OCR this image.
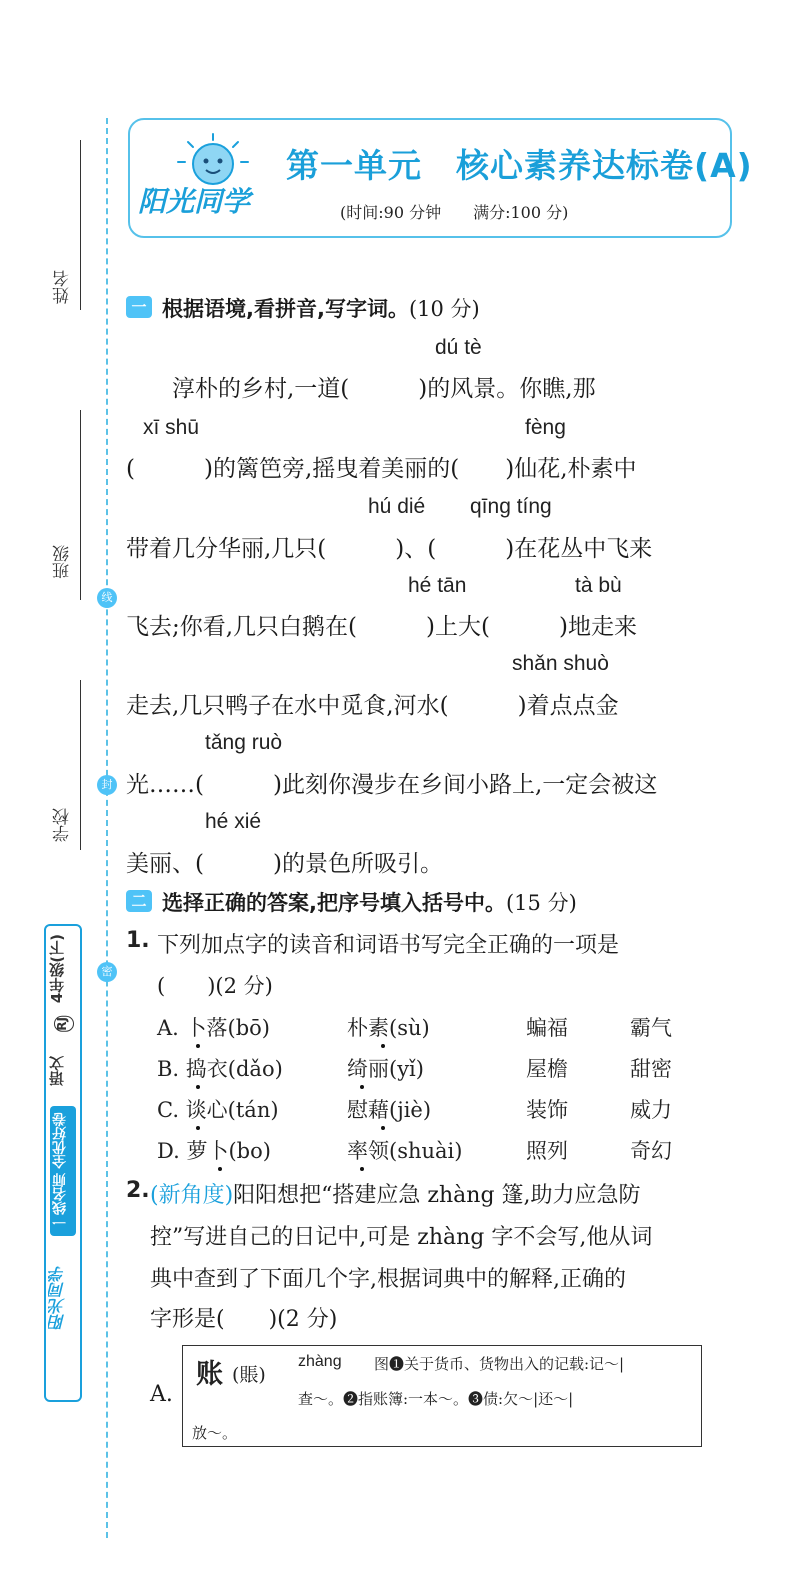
姓名
班级
学校
线
封
密
4年级(下)
RJ
语文
一线名师 全优好卷
阳光同学
阳光同学
第一单元　核心素养达标卷(A)
(时间:90 分钟　　满分:100 分)
一 根据语境,看拼音,写字词。(10 分)
dú tè
　　淳朴的乡村,一道(　　　)的风景。你瞧,那
xī shū	fèng
(　　　)的篱笆旁,摇曳着美丽的(　　)仙花,朴素中
hú dié qīng tíng
带着几分华丽,几只(　　　)、(　　　)在花丛中飞来
hé tān	tà bù
飞去;你看,几只白鹅在(　　　)上大(　　　)地走来
shǎn shuò
走去,几只鸭子在水中觅食,河水(　　　)着点点金
tǎng ruò
光……(　　　)此刻你漫步在乡间小路上,一定会被这
hé xié
美丽、(　　　)的景色所吸引。
二 选择正确的答案,把序号填入括号中。(15 分)
1. 下列加点字的读音和词语书写完全正确的一项是
(　　)(2 分)
A. 卜落(bō)	朴素(sù)	蝙福	霸气
B. 捣衣(dǎo)	绮丽(yǐ)	屋檐	甜密
C. 谈心(tán)	慰藉(jiè)	装饰	威力
D. 萝卜(bo)	率领(shuài)	照列	奇幻
2. (新角度)阳阳想把“搭建应急 zhàng 篷,助力应急防
控”写进自己的日记中,可是 zhàng 字不会写,他从词
典中查到了下面几个字,根据词典中的解释,正确的
字形是(　　)(2 分)
A.
账 (賬)
zhàng 图❶关于货币、货物出入的记载:记～|
查～。❷指账簿:一本～。❸债:欠～|还～|
放～。
